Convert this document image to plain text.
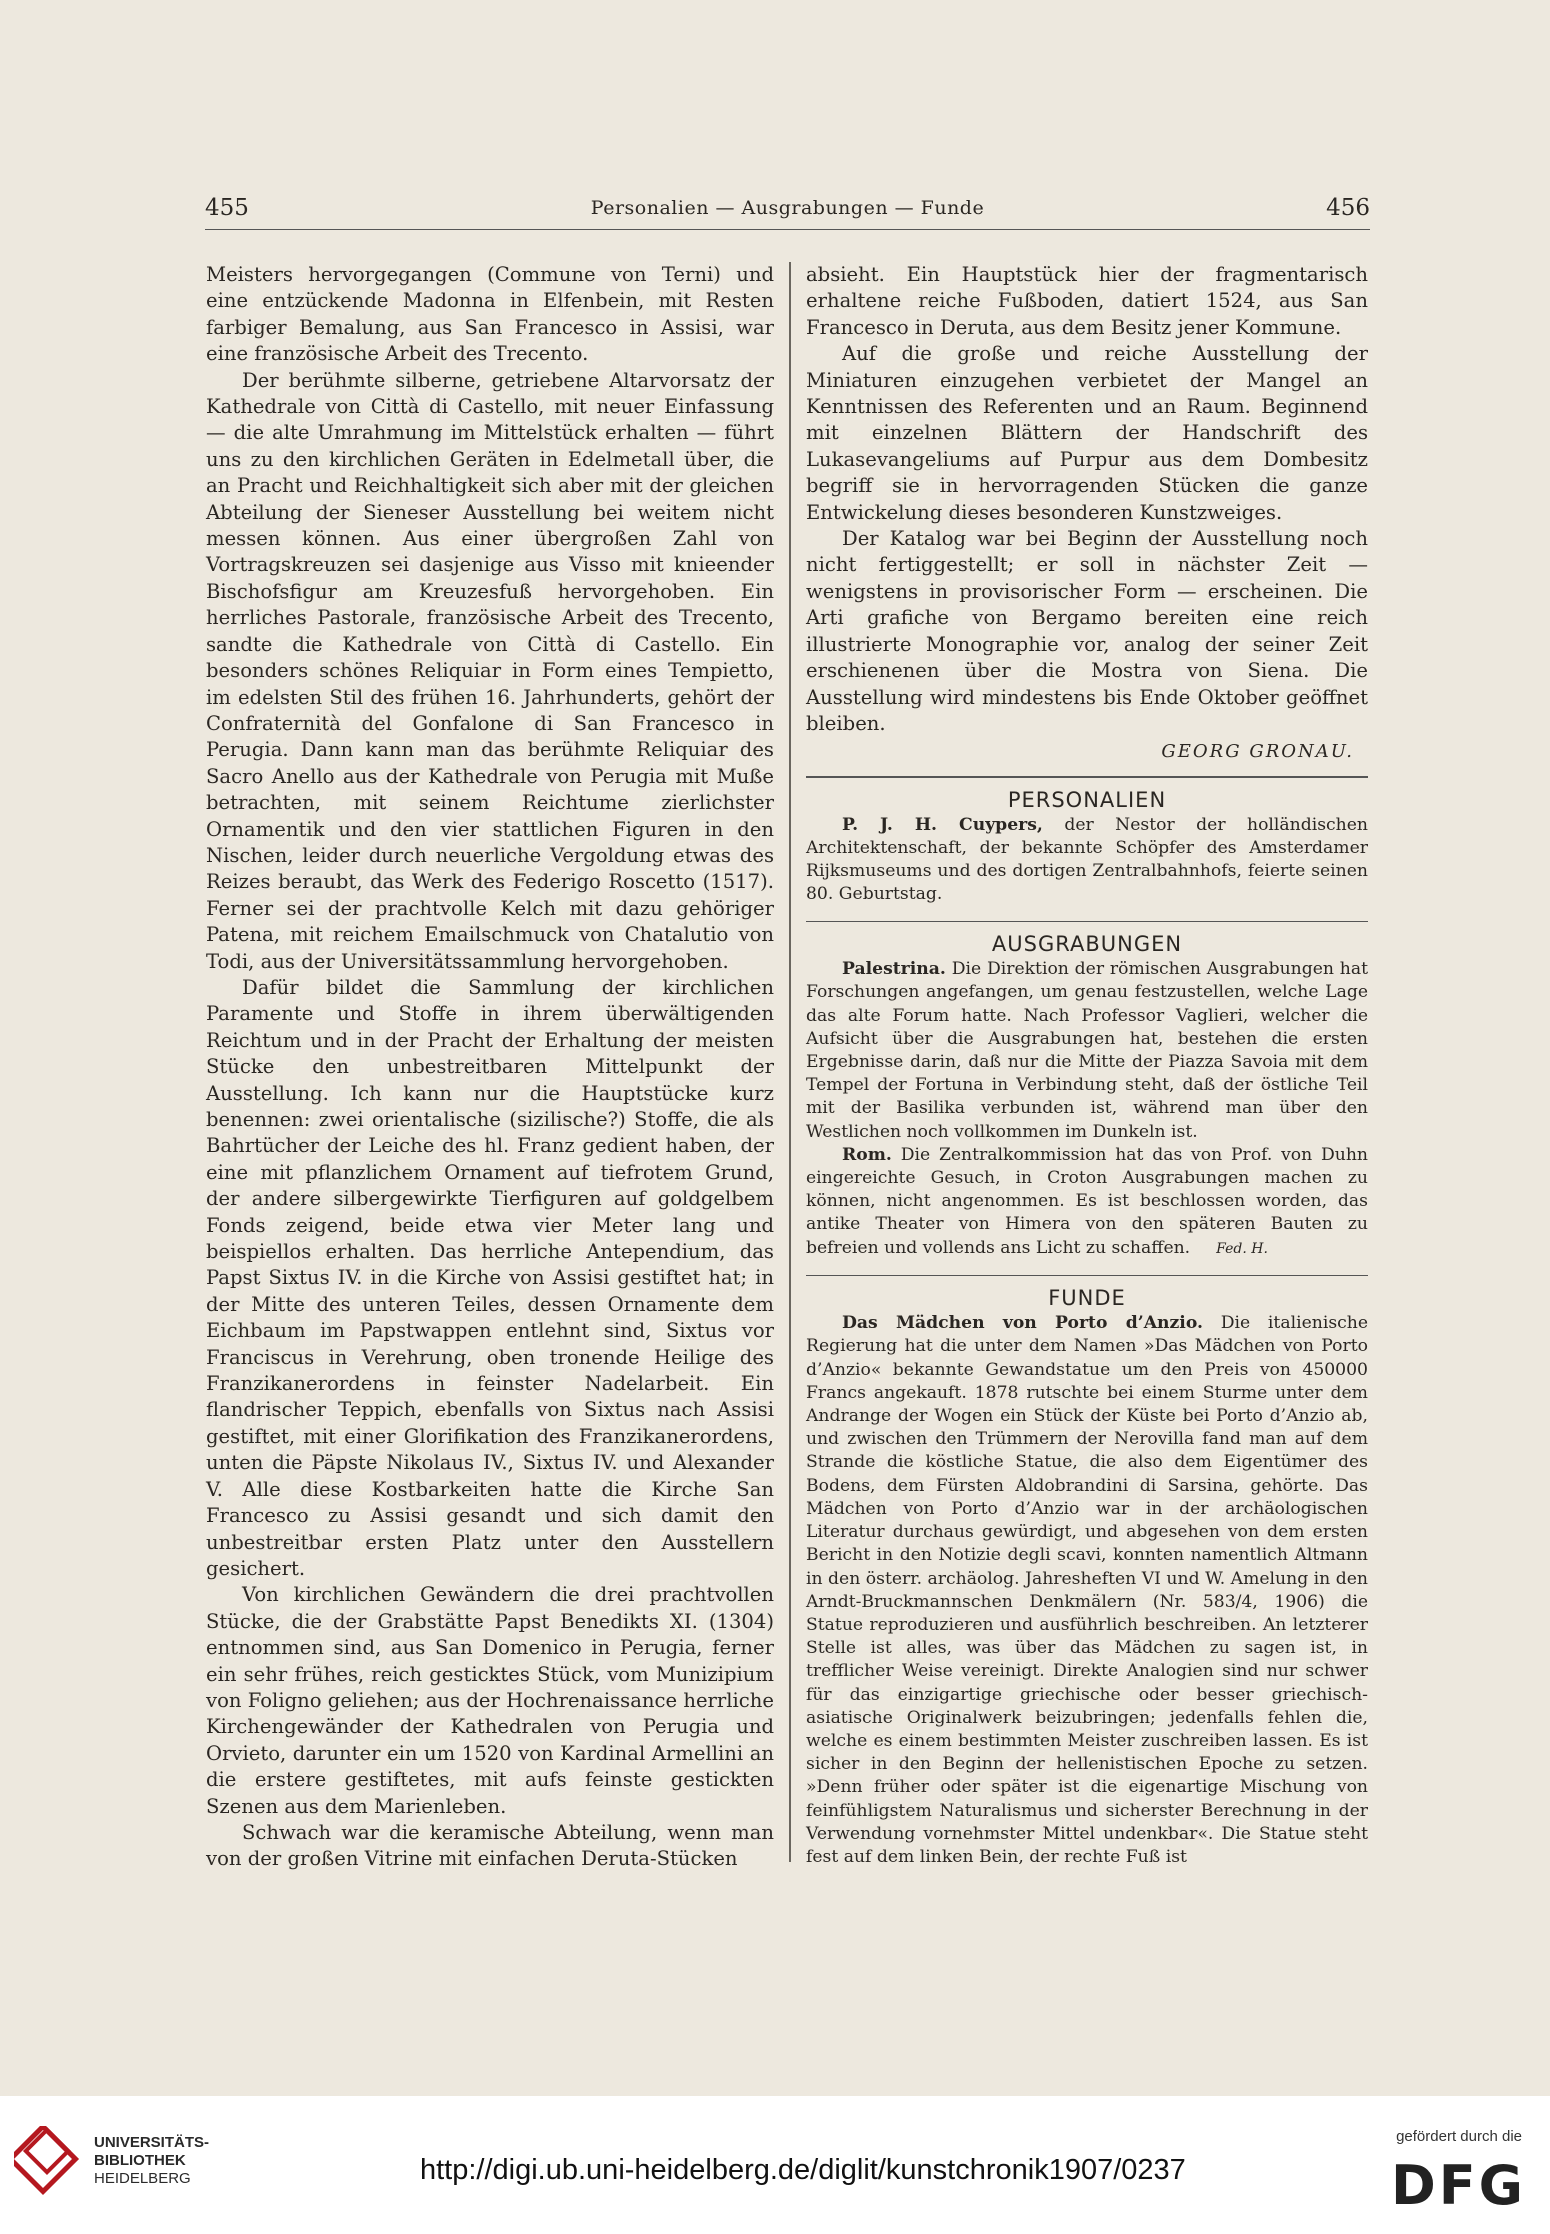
455	Personalien — Ausgrabungen — Funde	456

Meisters hervorgegangen (Commune von Terni) und eine entzückende Madonna in Elfenbein, mit Resten farbiger Bemalung, aus San Francesco in Assisi, war eine französische Arbeit des Trecento.

Der berühmte silberne, getriebene Altarvorsatz der Kathedrale von Città di Castello, mit neuer Einfassung — die alte Umrahmung im Mittelstück erhalten — führt uns zu den kirchlichen Geräten in Edelmetall über, die an Pracht und Reichhaltigkeit sich aber mit der gleichen Abteilung der Sieneser Ausstellung bei weitem nicht messen können. Aus einer übergroßen Zahl von Vortragskreuzen sei dasjenige aus Visso mit knieender Bischofsfigur am Kreuzesfuß hervorgehoben. Ein herrliches Pastorale, französische Arbeit des Trecento, sandte die Kathedrale von Città di Castello. Ein besonders schönes Reliquiar in Form eines Tempietto, im edelsten Stil des frühen 16. Jahrhunderts, gehört der Confraternità del Gonfalone di San Francesco in Perugia. Dann kann man das berühmte Reliquiar des Sacro Anello aus der Kathedrale von Perugia mit Muße betrachten, mit seinem Reichtume zierlichster Ornamentik und den vier stattlichen Figuren in den Nischen, leider durch neuerliche Vergoldung etwas des Reizes beraubt, das Werk des Federigo Roscetto (1517). Ferner sei der prachtvolle Kelch mit dazu gehöriger Patena, mit reichem Emailschmuck von Chatalutio von Todi, aus der Universitätssammlung hervorgehoben.

Dafür bildet die Sammlung der kirchlichen Paramente und Stoffe in ihrem überwältigenden Reichtum und in der Pracht der Erhaltung der meisten Stücke den unbestreitbaren Mittelpunkt der Ausstellung. Ich kann nur die Hauptstücke kurz benennen: zwei orientalische (sizilische?) Stoffe, die als Bahrtücher der Leiche des hl. Franz gedient haben, der eine mit pflanzlichem Ornament auf tiefrotem Grund, der andere silbergewirkte Tierfiguren auf goldgelbem Fonds zeigend, beide etwa vier Meter lang und beispiellos erhalten. Das herrliche Antependium, das Papst Sixtus IV. in die Kirche von Assisi gestiftet hat; in der Mitte des unteren Teiles, dessen Ornamente dem Eichbaum im Papstwappen entlehnt sind, Sixtus vor Franciscus in Verehrung, oben tronende Heilige des Franzikanerordens in feinster Nadelarbeit. Ein flandrischer Teppich, ebenfalls von Sixtus nach Assisi gestiftet, mit einer Glorifikation des Franzikanerordens, unten die Päpste Nikolaus IV., Sixtus IV. und Alexander V. Alle diese Kostbarkeiten hatte die Kirche San Francesco zu Assisi gesandt und sich damit den unbestreitbar ersten Platz unter den Ausstellern gesichert.

Von kirchlichen Gewändern die drei prachtvollen Stücke, die der Grabstätte Papst Benedikts XI. (1304) entnommen sind, aus San Domenico in Perugia, ferner ein sehr frühes, reich gesticktes Stück, vom Munizipium von Foligno geliehen; aus der Hochrenaissance herrliche Kirchengewänder der Kathedralen von Perugia und Orvieto, darunter ein um 1520 von Kardinal Armellini an die erstere gestiftetes, mit aufs feinste gestickten Szenen aus dem Marienleben.

Schwach war die keramische Abteilung, wenn man von der großen Vitrine mit einfachen Deruta-Stücken

absieht. Ein Hauptstück hier der fragmentarisch erhaltene reiche Fußboden, datiert 1524, aus San Francesco in Deruta, aus dem Besitz jener Kommune.

Auf die große und reiche Ausstellung der Miniaturen einzugehen verbietet der Mangel an Kenntnissen des Referenten und an Raum. Beginnend mit einzelnen Blättern der Handschrift des Lukasevangeliums auf Purpur aus dem Dombesitz begriff sie in hervorragenden Stücken die ganze Entwickelung dieses besonderen Kunstzweiges.

Der Katalog war bei Beginn der Ausstellung noch nicht fertiggestellt; er soll in nächster Zeit — wenigstens in provisorischer Form — erscheinen. Die Arti grafiche von Bergamo bereiten eine reich illustrierte Monographie vor, analog der seiner Zeit erschienenen über die Mostra von Siena. Die Ausstellung wird mindestens bis Ende Oktober geöffnet bleiben.

GEORG GRONAU.
PERSONALIEN

P. J. H. Cuypers, der Nestor der holländischen Architektenschaft, der bekannte Schöpfer des Amsterdamer Rijksmuseums und des dortigen Zentralbahnhofs, feierte seinen 80. Geburtstag.

AUSGRABUNGEN

Palestrina. Die Direktion der römischen Ausgrabungen hat Forschungen angefangen, um genau festzustellen, welche Lage das alte Forum hatte. Nach Professor Vaglieri, welcher die Aufsicht über die Ausgrabungen hat, bestehen die ersten Ergebnisse darin, daß nur die Mitte der Piazza Savoia mit dem Tempel der Fortuna in Verbindung steht, daß der östliche Teil mit der Basilika verbunden ist, während man über den Westlichen noch vollkommen im Dunkeln ist.

Rom. Die Zentralkommission hat das von Prof. von Duhn eingereichte Gesuch, in Croton Ausgrabungen machen zu können, nicht angenommen. Es ist beschlossen worden, das antike Theater von Himera von den späteren Bauten zu befreien und vollends ans Licht zu schaffen. Fed. H.

FUNDE

Das Mädchen von Porto d’Anzio. Die italienische Regierung hat die unter dem Namen »Das Mädchen von Porto d’Anzio« bekannte Gewandstatue um den Preis von 450000 Francs angekauft. 1878 rutschte bei einem Sturme unter dem Andrange der Wogen ein Stück der Küste bei Porto d’Anzio ab, und zwischen den Trümmern der Nerovilla fand man auf dem Strande die köstliche Statue, die also dem Eigentümer des Bodens, dem Fürsten Aldobrandini di Sarsina, gehörte. Das Mädchen von Porto d’Anzio war in der archäologischen Literatur durchaus gewürdigt, und abgesehen von dem ersten Bericht in den Notizie degli scavi, konnten namentlich Altmann in den österr. archäolog. Jahresheften VI und W. Amelung in den Arndt-Bruckmannschen Denkmälern (Nr. 583/4, 1906) die Statue reproduzieren und ausführlich beschreiben. An letzterer Stelle ist alles, was über das Mädchen zu sagen ist, in trefflicher Weise vereinigt. Direkte Analogien sind nur schwer für das einzigartige griechische oder besser griechisch-asiatische Originalwerk beizubringen; jedenfalls fehlen die, welche es einem bestimmten Meister zuschreiben lassen. Es ist sicher in den Beginn der hellenistischen Epoche zu setzen. »Denn früher oder später ist die eigenartige Mischung von feinfühligstem Naturalismus und sicherster Berechnung in der Verwendung vornehmster Mittel undenkbar«. Die Statue steht fest auf dem linken Bein, der rechte Fuß ist

UNIVERSITÄTS-
BIBLIOTHEK
HEIDELBERG	http://digi.ub.uni-heidelberg.de/diglit/kunstchronik1907/0237
gefördert durch die
DFG
